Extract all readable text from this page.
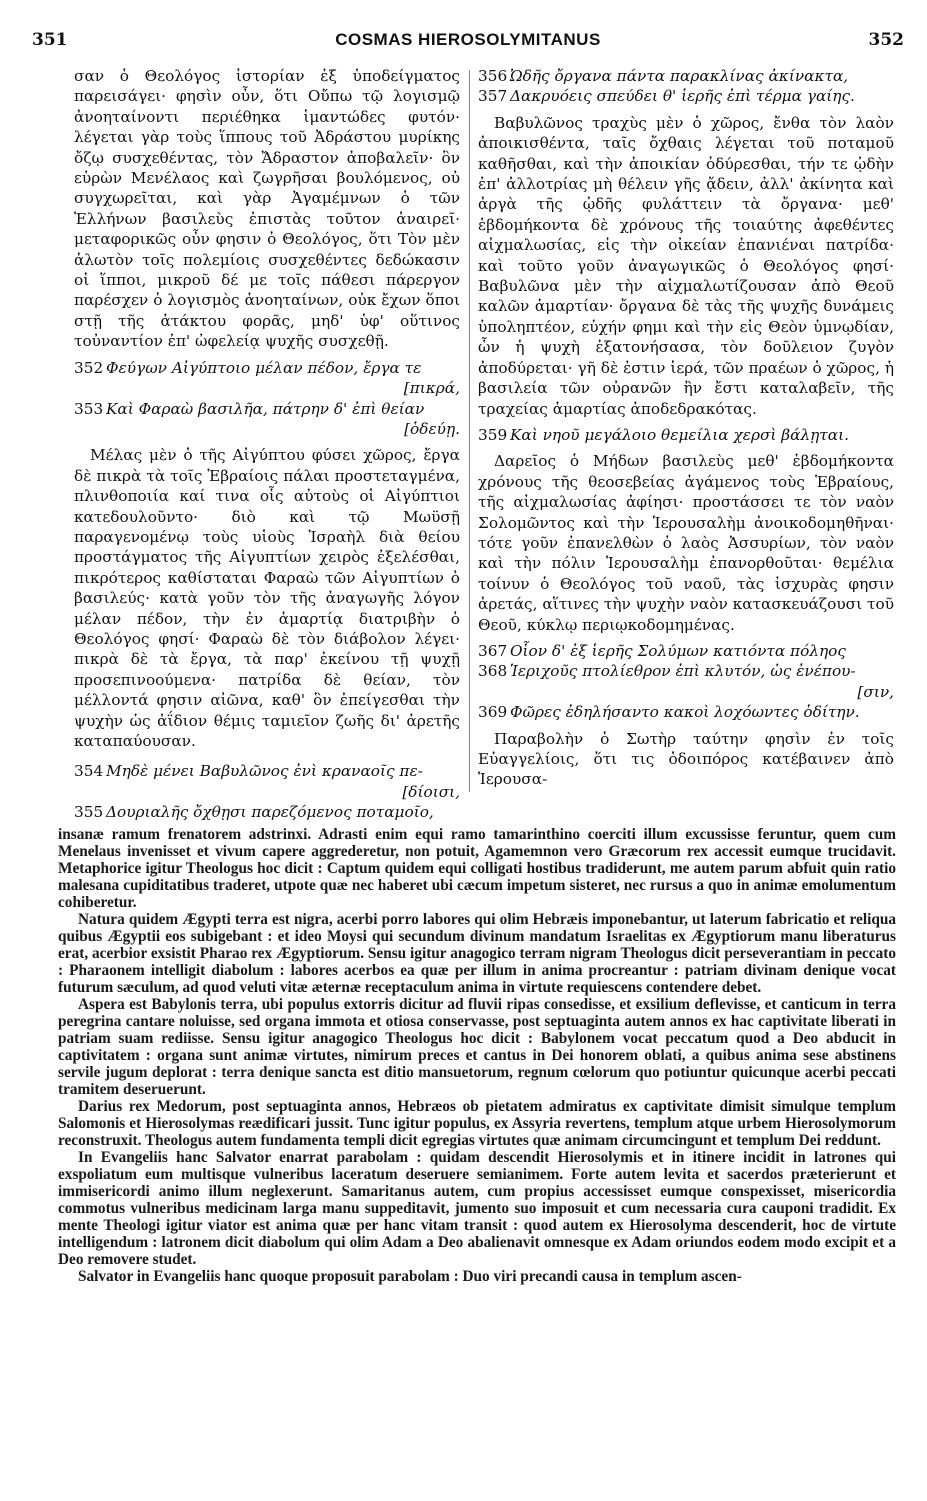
351	COSMAS HIEROSOLYMITANUS	352

σαν ὁ Θεολόγος ἱστορίαν ἐξ ὑποδείγματος παρεισάγει· φησὶν οὖν, ὅτι Οὔπω τῷ λογισμῷ ἀνοηταίνοντι περιέθηκα ἱμαντώδες φυτόν· λέγεται γὰρ τοὺς ἵππους τοῦ Ἀδράστου μυρίκης ὄζῳ συσχεθέντας, τὸν Ἄδραστον ἀποβαλεῖν· ὃν εὑρὼν Μενέλαος καὶ ζωγρῆσαι βουλόμενος, οὐ συγχωρεῖται, καὶ γὰρ Ἀγαμέμνων ὁ τῶν Ἑλλήνων βασιλεὺς ἐπιστὰς τοῦτον ἀναιρεῖ· μεταφορικῶς οὖν φησιν ὁ Θεολόγος, ὅτι Τὸν μὲν ἁλωτὸν τοῖς πολεμίοις συσχεθέντες δεδώκασιν οἱ ἵπποι, μικροῦ δέ με τοῖς πάθεσι πάρεργον παρέσχεν ὁ λογισμὸς ἀνοηταίνων, οὐκ ἔχων ὅποι στῇ τῆς ἀτάκτου φορᾶς, μηδ' ὑφ' οὕτινος τοὐναντίον ἐπ' ὠφελείᾳ ψυχῆς συσχεθῇ.

352 Φεύγων Αἰγύπτοιο μέλαν πέδον, ἔργα τε
[πικρά,
353 Καὶ Φαραὼ βασιλῆα, πάτρην δ' ἐπὶ θείαν
[ὁδεύῃ.

Μέλας μὲν ὁ τῆς Αἰγύπτου φύσει χῶρος, ἔργα δὲ πικρὰ τὰ τοῖς Ἑβραίοις πάλαι προστεταγμένα, πλινθοποιία καί τινα οἷς αὐτοὺς οἱ Αἰγύπτιοι κατεδουλοῦντο· διὸ καὶ τῷ Μωϋσῇ παραγενομένῳ τοὺς υἱοὺς Ἰσραὴλ διὰ θείου προστάγματος τῆς Αἰγυπτίων χειρὸς ἐξελέσθαι, πικρότερος καθίσταται Φαραὼ τῶν Αἰγυπτίων ὁ βασιλεύς· κατὰ γοῦν τὸν τῆς ἀναγωγῆς λόγον μέλαν πέδον, τὴν ἐν ἁμαρτίᾳ διατριβὴν ὁ Θεολόγος φησί· Φαραὼ δὲ τὸν διάβολον λέγει· πικρὰ δὲ τὰ ἔργα, τὰ παρ' ἐκείνου τῇ ψυχῇ προσεπινοούμενα· πατρίδα δὲ θείαν, τὸν μέλλοντά φησιν αἰῶνα, καθ' ὃν ἐπείγεσθαι τὴν ψυχὴν ὡς ἀΐδιον θέμις ταμιεῖον ζωῆς δι' ἀρετῆς καταπαύουσαν.

354 Μηδὲ μένει Βαβυλῶνος ἐνὶ κραναοῖς πε-
[δίοισι,
355 Δουριαλῆς ὄχθῃσι παρεζόμενος ποταμοῖο,
356 Ὠδῆς ὄργανα πάντα παρακλίνας ἀκίνακτα,
357 Δακρυόεις σπεύδει θ' ἱερῆς ἐπὶ τέρμα γαίης.

Βαβυλῶνος τραχὺς μὲν ὁ χῶρος, ἔνθα τὸν λαὸν ἀποικισθέντα, ταῖς ὄχθαις λέγεται τοῦ ποταμοῦ καθῆσθαι, καὶ τὴν ἀποικίαν ὀδύρεσθαι, τήν τε ᾠδὴν ἐπ' ἀλλοτρίας μὴ θέλειν γῆς ᾄδειν, ἀλλ' ἀκίνητα καὶ ἀργὰ τῆς ᾠδῆς φυλάττειν τὰ ὄργανα· μεθ' ἑβδομήκοντα δὲ χρόνους τῆς τοιαύτης ἀφεθέντες αἰχμαλωσίας, εἰς τὴν οἰκείαν ἐπανιέναι πατρίδα· καὶ τοῦτο γοῦν ἀναγωγικῶς ὁ Θεολόγος φησί· Βαβυλῶνα μὲν τὴν αἰχμαλωτίζουσαν ἀπὸ Θεοῦ καλῶν ἁμαρτίαν· ὄργανα δὲ τὰς τῆς ψυχῆς δυνάμεις ὑποληπτέον, εὐχήν φημι καὶ τὴν εἰς Θεὸν ὑμνῳδίαν, ὧν ἡ ψυχὴ ἐξατονήσασα, τὸν δοῦλειον ζυγὸν ἀποδύρεται· γῆ δὲ ἐστιν ἱερά, τῶν πραέων ὁ χῶρος, ἡ βασιλεία τῶν οὐρανῶν ἣν ἔστι καταλαβεῖν, τῆς τραχείας ἁμαρτίας ἀποδεδρακότας.

359 Καὶ νηοῦ μεγάλοιο θεμείλια χερσὶ βάλῃται.

Δαρεῖος ὁ Μήδων βασιλεὺς μεθ' ἑβδομήκοντα χρόνους τῆς θεοσεβείας ἀγάμενος τοὺς Ἑβραίους, τῆς αἰχμαλωσίας ἀφίησι· προστάσσει τε τὸν ναὸν Σολομῶντος καὶ τὴν Ἱερουσαλὴμ ἀνοικοδομηθῆναι· τότε γοῦν ἐπανελθὼν ὁ λαὸς Ἀσσυρίων, τὸν ναὸν καὶ τὴν πόλιν Ἱερουσαλὴμ ἐπανορθοῦται· θεμέλια τοίνυν ὁ Θεολόγος τοῦ ναοῦ, τὰς ἰσχυρὰς φησιν ἀρετάς, αἵτινες τὴν ψυχὴν ναὸν κατασκευάζουσι τοῦ Θεοῦ, κύκλῳ περιῳκοδομημένας.

367 Οἷον δ' ἐξ ἱερῆς Σολύμων κατιόντα πόληος
368 Ἱεριχοῦς πτολίεθρον ἐπὶ κλυτόν, ὡς ἐνέπου-
[σιν,
369 Φῶρες ἐδηλήσαντο κακοὶ λοχόωντες ὁδίτην.

Παραβολὴν ὁ Σωτὴρ ταύτην φησὶν ἐν τοῖς Εὐαγγελίοις, ὅτι τις ὁδοιπόρος κατέβαινεν ἀπὸ Ἱερουσα-

insanæ ramum frenatorem adstrinxi. Adrasti enim equi ramo tamarinthino coerciti illum excussisse feruntur, quem cum Menelaus invenisset et vivum capere aggrederetur, non potuit, Agamemnon vero Græcorum rex accessit eumque trucidavit. Metaphorice igitur Theologus hoc dicit : Captum quidem equi colligati hostibus tradiderunt, me autem parum abfuit quin ratio malesana cupiditatibus traderet, utpote quæ nec haberet ubi cæcum impetum sisteret, nec rursus a quo in animæ emolumentum cohiberetur.

Natura quidem Ægypti terra est nigra, acerbi porro labores qui olim Hebræis imponebantur, ut laterum fabricatio et reliqua quibus Ægyptii eos subigebant : et ideo Moysi qui secundum divinum mandatum Israelitas ex Ægyptiorum manu liberaturus erat, acerbior exsistit Pharao rex Ægyptiorum. Sensu igitur anagogico terram nigram Theologus dicit perseverantiam in peccato : Pharaonem intelligit diabolum : labores acerbos ea quæ per illum in anima procreantur : patriam divinam denique vocat futurum sæculum, ad quod veluti vitæ æternæ receptaculum anima in virtute requiescens contendere debet.

Aspera est Babylonis terra, ubi populus extorris dicitur ad fluvii ripas consedisse, et exsilium deflevisse, et canticum in terra peregrina cantare noluisse, sed organa immota et otiosa conservasse, post septuaginta autem annos ex hac captivitate liberati in patriam suam rediisse. Sensu igitur anagogico Theologus hoc dicit : Babylonem vocat peccatum quod a Deo abducit in captivitatem : organa sunt animæ virtutes, nimirum preces et cantus in Dei honorem oblati, a quibus anima sese abstinens servile jugum deplorat : terra denique sancta est ditio mansuetorum, regnum cœlorum quo potiuntur quicunque acerbi peccati tramitem deseruerunt.

Darius rex Medorum, post septuaginta annos, Hebræos ob pietatem admiratus ex captivitate dimisit simulque templum Salomonis et Hierosolymas reædificari jussit. Tunc igitur populus, ex Assyria revertens, templum atque urbem Hierosolymorum reconstruxit. Theologus autem fundamenta templi dicit egregias virtutes quæ animam circumcingunt et templum Dei reddunt.

In Evangeliis hanc Salvator enarrat parabolam : quidam descendit Hierosolymis et in itinere incidit in latrones qui exspoliatum eum multisque vulneribus laceratum deseruere semianimem. Forte autem levita et sacerdos præterierunt et immisericordi animo illum neglexerunt. Samaritanus autem, cum propius accessisset eumque conspexisset, misericordia commotus vulneribus medicinam larga manu suppeditavit, jumento suo imposuit et cum necessaria cura cauponi tradidit. Ex mente Theologi igitur viator est anima quæ per hanc vitam transit : quod autem ex Hierosolyma descenderit, hoc de virtute intelligendum : latronem dicit diabolum qui olim Adam a Deo abalienavit omnesque ex Adam oriundos eodem modo excipit et a Deo removere studet.

Salvator in Evangeliis hanc quoque proposuit parabolam : Duo viri precandi causa in templum ascen-
